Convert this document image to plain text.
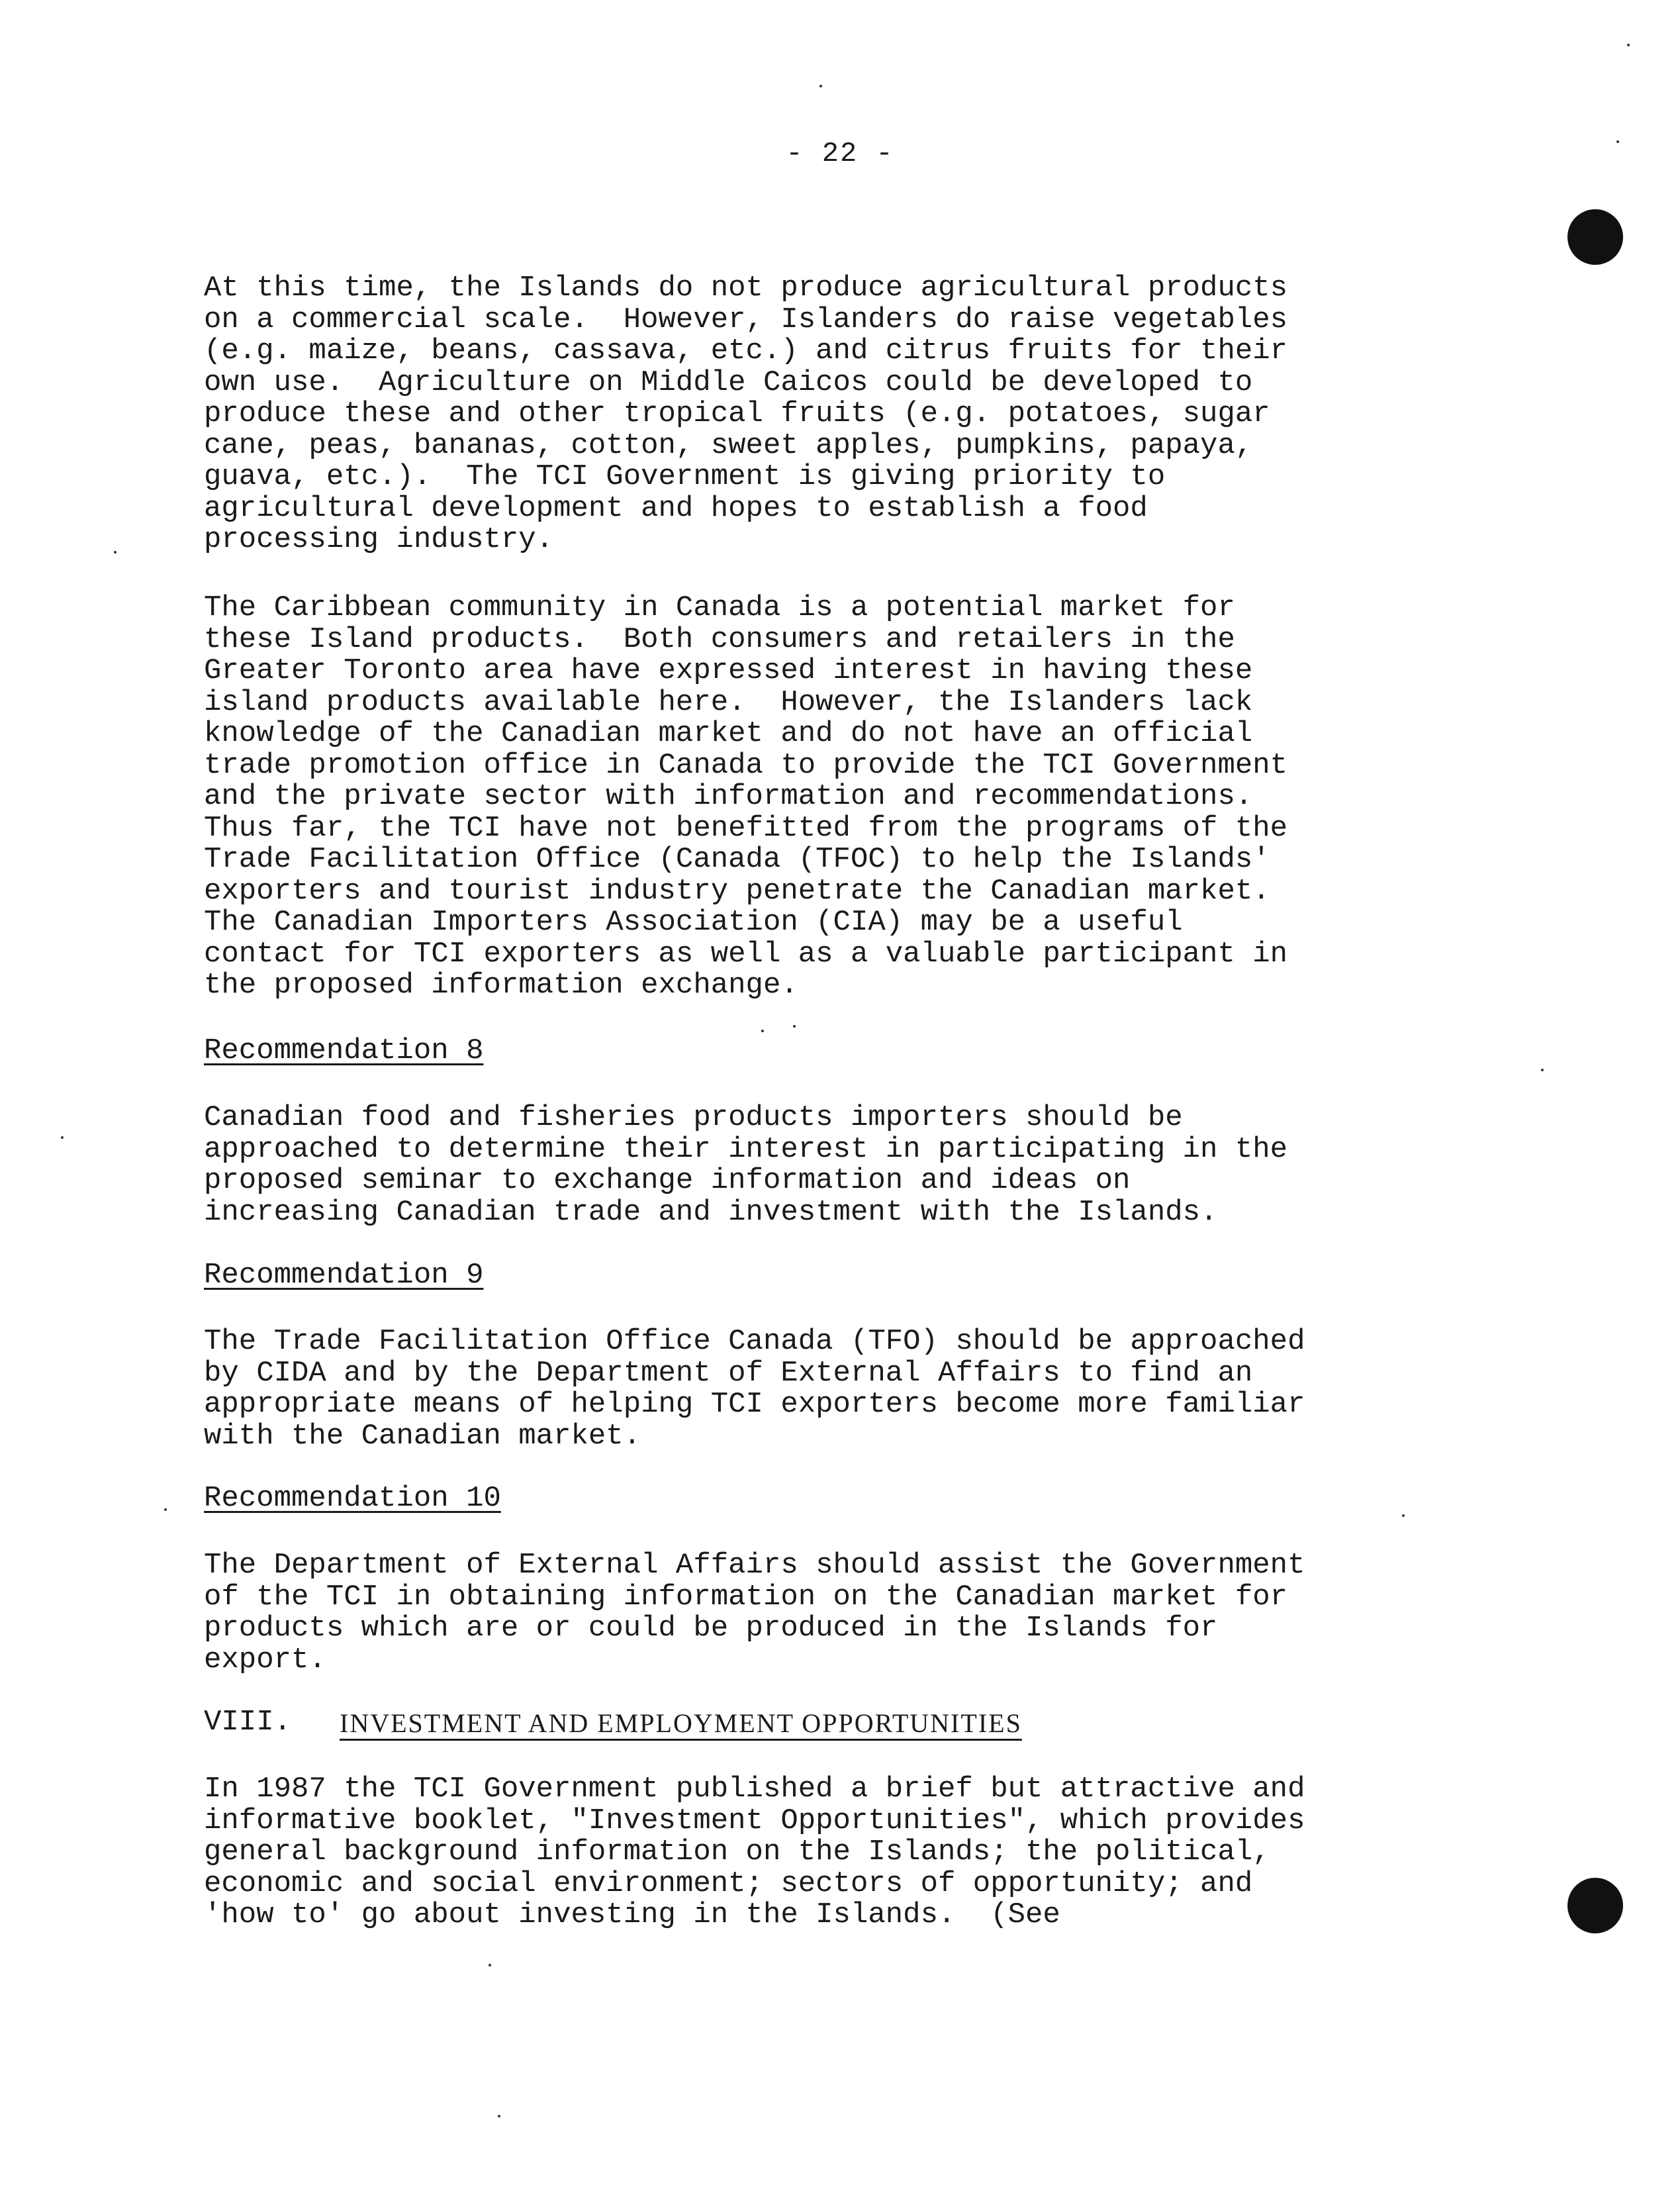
- 22 -

At this time, the Islands do not produce agricultural products
on a commercial scale.  However, Islanders do raise vegetables
(e.g. maize, beans, cassava, etc.) and citrus fruits for their
own use.  Agriculture on Middle Caicos could be developed to
produce these and other tropical fruits (e.g. potatoes, sugar
cane, peas, bananas, cotton, sweet apples, pumpkins, papaya,
guava, etc.).  The TCI Government is giving priority to
agricultural development and hopes to establish a food
processing industry.

The Caribbean community in Canada is a potential market for
these Island products.  Both consumers and retailers in the
Greater Toronto area have expressed interest in having these
island products available here.  However, the Islanders lack
knowledge of the Canadian market and do not have an official
trade promotion office in Canada to provide the TCI Government
and the private sector with information and recommendations.
Thus far, the TCI have not benefitted from the programs of the
Trade Facilitation Office (Canada (TFOC) to help the Islands'
exporters and tourist industry penetrate the Canadian market.
The Canadian Importers Association (CIA) may be a useful
contact for TCI exporters as well as a valuable participant in
the proposed information exchange.

Recommendation 8

Canadian food and fisheries products importers should be
approached to determine their interest in participating in the
proposed seminar to exchange information and ideas on
increasing Canadian trade and investment with the Islands.

Recommendation 9

The Trade Facilitation Office Canada (TFO) should be approached
by CIDA and by the Department of External Affairs to find an
appropriate means of helping TCI exporters become more familiar
with the Canadian market.

Recommendation 10

The Department of External Affairs should assist the Government
of the TCI in obtaining information on the Canadian market for
products which are or could be produced in the Islands for
export.

VIII. INVESTMENT AND EMPLOYMENT OPPORTUNITIES

In 1987 the TCI Government published a brief but attractive and
informative booklet, "Investment Opportunities", which provides
general background information on the Islands; the political,
economic and social environment; sectors of opportunity; and
'how to' go about investing in the Islands.  (See
